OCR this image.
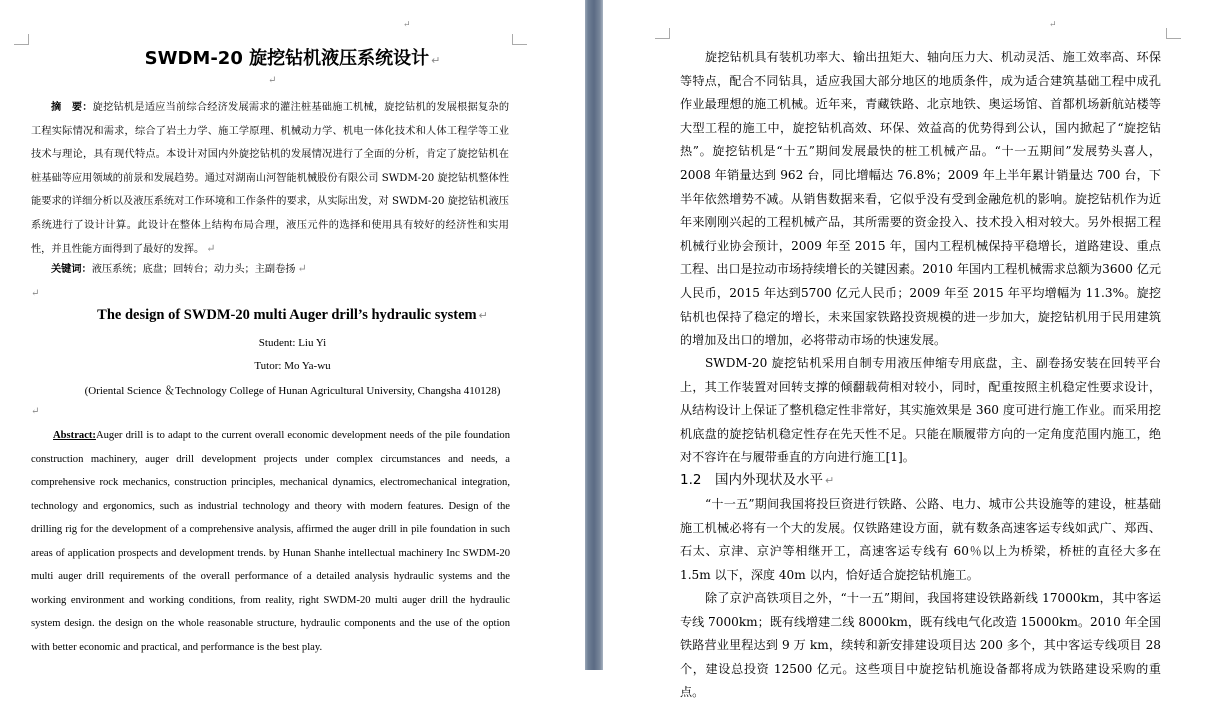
↵	↵
SWDM-20 旋挖钻机液压系统设计 ↵
↵
摘　要：旋挖钻机是适应当前综合经济发展需求的灌注桩基础施工机械，旋挖钻机的发展根据复杂的工程实际情况和需求，综合了岩土力学、施工学原理、机械动力学、机电一体化技术和人体工程学等工业技术与理论，具有现代特点。本设计对国内外旋挖钻机的发展情况进行了全面的分析，肯定了旋挖钻机在桩基础等应用领域的前景和发展趋势。通过对湖南山河智能机械股份有限公司 SWDM-20 旋挖钻机整体性能要求的详细分析以及液压系统对工作环境和工作条件的要求，从实际出发，对 SWDM-20 旋挖钻机液压系统进行了设计计算。此设计在整体上结构布局合理，液压元件的选择和使用具有较好的经济性和实用性，并且性能方面得到了最好的发挥。 ↵
关键词：液压系统；底盘；回转台；动力头；主副卷扬 ↵
↵
The design of SWDM-20 multi Auger drill’s hydraulic system ↵
Student: Liu Yi
Tutor: Mo Ya-wu
(Oriental Science ＆Technology College of Hunan Agricultural University, Changsha 410128)
↵
Abstract:Auger drill is to adapt to the current overall economic development needs of the pile foundation construction machinery, auger drill development projects under complex circumstances and needs, a comprehensive rock mechanics, construction principles, mechanical dynamics, electromechanical integration, technology and ergonomics, such as industrial technology and theory with modern features. Design of the drilling rig for the development of a comprehensive analysis, affirmed the auger drill in pile foundation in such areas of application prospects and development trends. by Hunan Shanhe intellectual machinery Inc SWDM-20 multi auger drill requirements of the overall performance of a detailed analysis hydraulic systems and the working environment and working conditions, from reality, right SWDM-20 multi auger drill the hydraulic system design. the design on the whole reasonable structure, hydraulic components and the use of the option with better economic and practical, and performance is the best play.
旋挖钻机具有装机功率大、输出扭矩大、轴向压力大、机动灵活、施工效率高、环保等特点，配合不同钻具，适应我国大部分地区的地质条件，成为适合建筑基础工程中成孔作业最理想的施工机械。近年来，青藏铁路、北京地铁、奥运场馆、首都机场新航站楼等大型工程的施工中，旋挖钻机高效、环保、效益高的优势得到公认，国内掀起了“旋挖钻热”。旋挖钻机是“十五”期间发展最快的桩工机械产品。“十一五期间”发展势头喜人，2008 年销量达到 962 台，同比增幅达 76.8%；2009 年上半年累计销量达 700 台，下半年依然增势不减。从销售数据来看，它似乎没有受到金融危机的影响。旋挖钻机作为近年来刚刚兴起的工程机械产品，其所需要的资金投入、技术投入相对较大。另外根据工程机械行业协会预计，2009 年至 2015 年，国内工程机械保持平稳增长，道路建设、重点工程、出口是拉动市场持续增长的关键因素。2010 年国内工程机械需求总额为3600 亿元人民币，2015 年达到5700 亿元人民币；2009 年至 2015 年平均增幅为 11.3%。旋挖钻机也保持了稳定的增长，未来国家铁路投资规模的进一步加大，旋挖钻机用于民用建筑的增加及出口的增加，必将带动市场的快速发展。
SWDM-20 旋挖钻机采用自制专用液压伸缩专用底盘，主、副卷扬安装在回转平台上，其工作装置对回转支撑的倾翻载荷相对较小，同时，配重按照主机稳定性要求设计，从结构设计上保证了整机稳定性非常好，其实施效果是 360 度可进行施工作业。而采用挖机底盘的旋挖钻机稳定性存在先天性不足。只能在顺履带方向的一定角度范围内施工，绝对不容许在与履带垂直的方向进行施工[1]。
1.2　国内外现状及水平 ↵
“十一五”期间我国将投巨资进行铁路、公路、电力、城市公共设施等的建设，桩基础施工机械必将有一个大的发展。仅铁路建设方面，就有数条高速客运专线如武广、郑西、石太、京津、京沪等相继开工，高速客运专线有 60％以上为桥梁，桥桩的直径大多在 1.5m 以下，深度 40m 以内，恰好适合旋挖钻机施工。
除了京沪高铁项目之外，“十一五”期间，我国将建设铁路新线 17000km，其中客运专线 7000km；既有线增建二线 8000km，既有线电气化改造 15000km。2010 年全国铁路营业里程达到 9 万 km，续转和新安排建设项目达 200 多个，其中客运专线项目 28 个，建设总投资 12500 亿元。这些项目中旋挖钻机施设备都将成为铁路建设采购的重点。
